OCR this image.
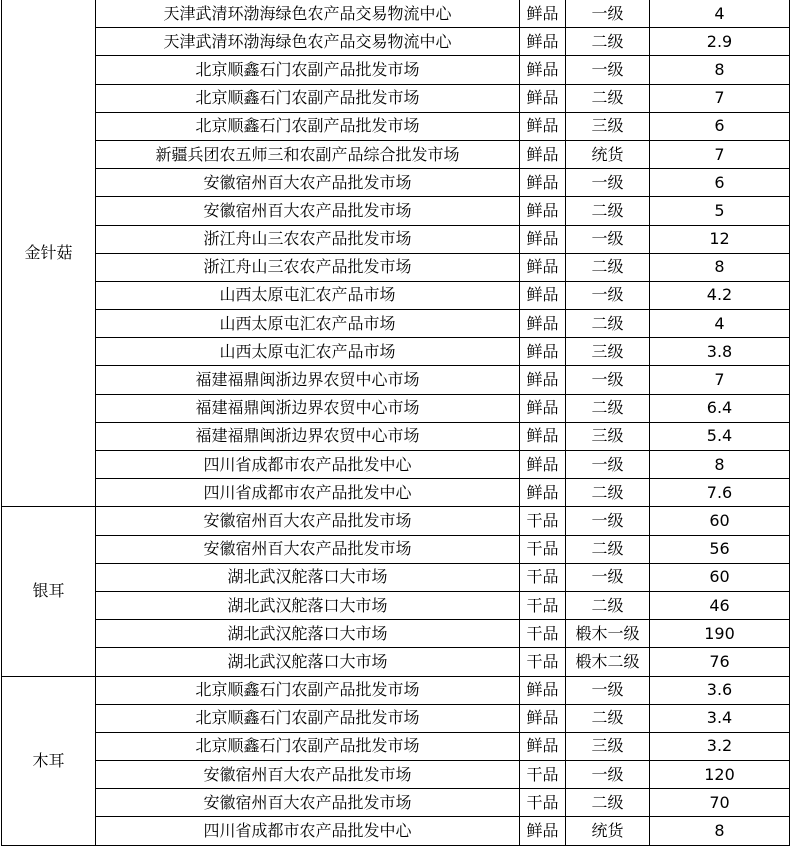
金针菇	天津武清环渤海绿色农产品交易物流中心	鲜品	一级	4
	天津武清环渤海绿色农产品交易物流中心	鲜品	二级	2.9
	北京顺鑫石门农副产品批发市场	鲜品	一级	8
	北京顺鑫石门农副产品批发市场	鲜品	二级	7
	北京顺鑫石门农副产品批发市场	鲜品	三级	6
	新疆兵团农五师三和农副产品综合批发市场	鲜品	统货	7
	安徽宿州百大农产品批发市场	鲜品	一级	6
	安徽宿州百大农产品批发市场	鲜品	二级	5
	浙江舟山三农农产品批发市场	鲜品	一级	12
	浙江舟山三农农产品批发市场	鲜品	二级	8
	山西太原屯汇农产品市场	鲜品	一级	4.2
	山西太原屯汇农产品市场	鲜品	二级	4
	山西太原屯汇农产品市场	鲜品	三级	3.8
	福建福鼎闽浙边界农贸中心市场	鲜品	一级	7
	福建福鼎闽浙边界农贸中心市场	鲜品	二级	6.4
	福建福鼎闽浙边界农贸中心市场	鲜品	三级	5.4
	四川省成都市农产品批发中心	鲜品	一级	8
	四川省成都市农产品批发中心	鲜品	二级	7.6
银耳	安徽宿州百大农产品批发市场	干品	一级	60
	安徽宿州百大农产品批发市场	干品	二级	56
	湖北武汉舵落口大市场	干品	一级	60
	湖北武汉舵落口大市场	干品	二级	46
	湖北武汉舵落口大市场	干品	椴木一级	190
	湖北武汉舵落口大市场	干品	椴木二级	76
木耳	北京顺鑫石门农副产品批发市场	鲜品	一级	3.6
	北京顺鑫石门农副产品批发市场	鲜品	二级	3.4
	北京顺鑫石门农副产品批发市场	鲜品	三级	3.2
	安徽宿州百大农产品批发市场	干品	一级	120
	安徽宿州百大农产品批发市场	干品	二级	70
	四川省成都市农产品批发中心	鲜品	统货	8
